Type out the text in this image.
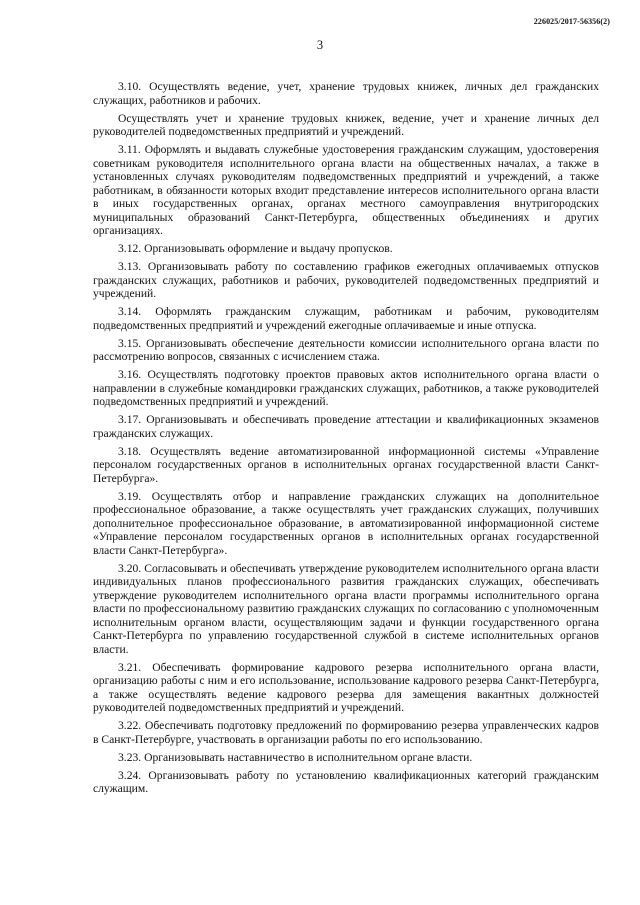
226025/2017-56356(2)
3

3.10. Осуществлять ведение, учет, хранение трудовых книжек, личных дел гражданских служащих, работников и рабочих.

Осуществлять учет и хранение трудовых книжек, ведение, учет и хранение личных дел руководителей подведомственных предприятий и учреждений.

3.11. Оформлять и выдавать служебные удостоверения гражданским служащим, удостоверения советникам руководителя исполнительного органа власти на общественных началах, а также в установленных случаях руководителям подведомственных предприятий и учреждений, а также работникам, в обязанности которых входит представление интересов исполнительного органа власти в иных государственных органах, органах местного самоуправления внутригородских муниципальных образований Санкт-Петербурга, общественных объединениях и других организациях.

3.12. Организовывать оформление и выдачу пропусков.

3.13. Организовывать работу по составлению графиков ежегодных оплачиваемых отпусков гражданских служащих, работников и рабочих, руководителей подведомственных предприятий и учреждений.

3.14. Оформлять гражданским служащим, работникам и рабочим, руководителям подведомственных предприятий и учреждений ежегодные оплачиваемые и иные отпуска.

3.15. Организовывать обеспечение деятельности комиссии исполнительного органа власти по рассмотрению вопросов, связанных с исчислением стажа.

3.16. Осуществлять подготовку проектов правовых актов исполнительного органа власти о направлении в служебные командировки гражданских служащих, работников, а также руководителей подведомственных предприятий и учреждений.

3.17. Организовывать и обеспечивать проведение аттестации и квалификационных экзаменов гражданских служащих.

3.18. Осуществлять ведение автоматизированной информационной системы «Управление персоналом государственных органов в исполнительных органах государственной власти Санкт-Петербурга».

3.19. Осуществлять отбор и направление гражданских служащих на дополнительное профессиональное образование, а также осуществлять учет гражданских служащих, получивших дополнительное профессиональное образование, в автоматизированной информационной системе «Управление персоналом государственных органов в исполнительных органах государственной власти Санкт-Петербурга».

3.20. Согласовывать и обеспечивать утверждение руководителем исполнительного органа власти индивидуальных планов профессионального развития гражданских служащих, обеспечивать утверждение руководителем исполнительного органа власти программы исполнительного органа власти по профессиональному развитию гражданских служащих по согласованию с уполномоченным исполнительным органом власти, осуществляющим задачи и функции государственного органа Санкт-Петербурга по управлению государственной службой в системе исполнительных органов власти.

3.21. Обеспечивать формирование кадрового резерва исполнительного органа власти, организацию работы с ним и его использование, использование кадрового резерва Санкт-Петербурга, а также осуществлять ведение кадрового резерва для замещения вакантных должностей руководителей подведомственных предприятий и учреждений.

3.22. Обеспечивать подготовку предложений по формированию резерва управленческих кадров в Санкт-Петербурге, участвовать в организации работы по его использованию.

3.23. Организовывать наставничество в исполнительном органе власти.

3.24. Организовывать работу по установлению квалификационных категорий гражданским служащим.
